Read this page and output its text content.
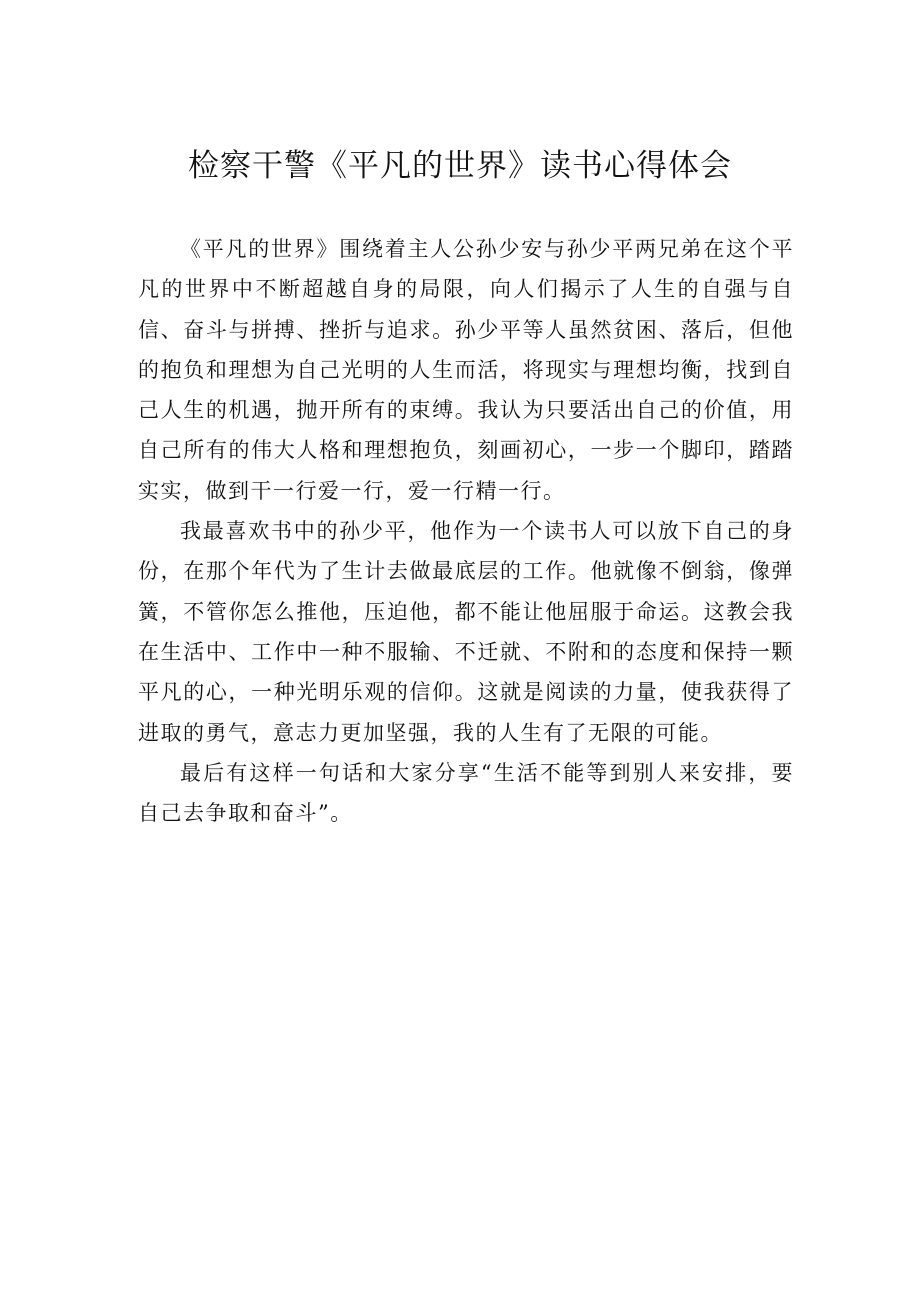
检察干警《平凡的世界》读书心得体会

《平凡的世界》围绕着主人公孙少安与孙少平两兄弟在这个平凡的世界中不断超越自身的局限，向人们揭示了人生的自强与自信、奋斗与拼搏、挫折与追求。孙少平等人虽然贫困、落后，但他的抱负和理想为自己光明的人生而活，将现实与理想均衡，找到自己人生的机遇，抛开所有的束缚。我认为只要活出自己的价值，用自己所有的伟大人格和理想抱负，刻画初心，一步一个脚印，踏踏实实，做到干一行爱一行，爱一行精一行。

我最喜欢书中的孙少平，他作为一个读书人可以放下自己的身份，在那个年代为了生计去做最底层的工作。他就像不倒翁，像弹簧，不管你怎么推他，压迫他，都不能让他屈服于命运。这教会我在生活中、工作中一种不服输、不迁就、不附和的态度和保持一颗平凡的心，一种光明乐观的信仰。这就是阅读的力量，使我获得了进取的勇气，意志力更加坚强，我的人生有了无限的可能。

最后有这样一句话和大家分享“生活不能等到别人来安排，要自己去争取和奋斗”。
